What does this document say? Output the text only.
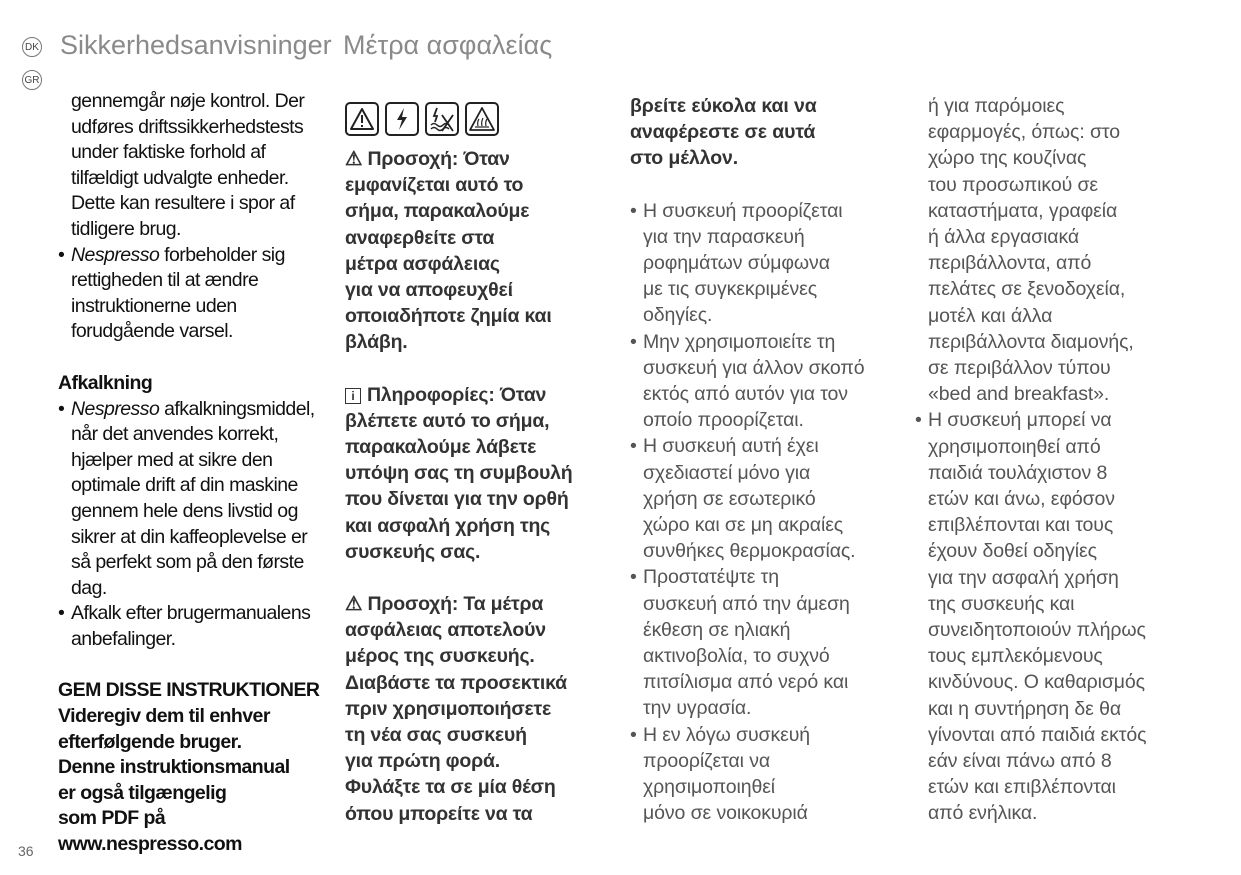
DK
GR
Sikkerhedsanvisninger Μέτρα ασφαλείας

gennemgår nøje kontrol. Der

udføres driftssikkerhedstests

under faktiske forhold af

tilfældigt udvalgte enheder.

Dette kan resultere i spor af

tidligere brug.

• Nespresso forbeholder sig

rettigheden til at ændre

instruktionerne uden

forudgående varsel.

Afkalkning

• Nespresso afkalkningsmiddel,

når det anvendes korrekt,

hjælper med at sikre den

optimale drift af din maskine

gennem hele dens livstid og

sikrer at din kaffeoplevelse er

så perfekt som på den første

dag.

• Afkalk efter brugermanualens

anbefalinger.

GEM DISSE INSTRUKTIONER

Videregiv dem til enhver

efterfølgende bruger.

Denne instruktionsmanual

er også tilgængelig

som PDF på

www.nespresso.com

⚠ Προσοχή: Όταν

εμφανίζεται αυτό το

σήμα, παρακαλούμε

αναφερθείτε στα

μέτρα ασφάλειας

για να αποφευχθεί

οποιαδήποτε ζημία και

βλάβη.

i Πληροφορίες: Όταν

βλέπετε αυτό το σήμα,

παρακαλούμε λάβετε

υπόψη σας τη συμβουλή

που δίνεται για την ορθή

και ασφαλή χρήση της

συσκευής σας.

⚠ Προσοχή: Τα μέτρα

ασφάλειας αποτελούν

μέρος της συσκευής.

Διαβάστε τα προσεκτικά

πριν χρησιμοποιήσετε

τη νέα σας συσκευή

για πρώτη φορά.

Φυλάξτε τα σε μία θέση

όπου μπορείτε να τα

βρείτε εύκολα και να

αναφέρεστε σε αυτά

στο μέλλον.

• Η συσκευή προορίζεται

για την παρασκευή

ροφημάτων σύμφωνα

με τις συγκεκριμένες

οδηγίες.

• Μην χρησιμοποιείτε τη

συσκευή για άλλον σκοπό

εκτός από αυτόν για τον

οποίο προορίζεται.

• Η συσκευή αυτή έχει

σχεδιαστεί μόνο για

χρήση σε εσωτερικό

χώρο και σε μη ακραίες

συνθήκες θερμοκρασίας.

• Προστατέψτε τη

συσκευή από την άμεση

έκθεση σε ηλιακή

ακτινοβολία, το συχνό

πιτσίλισμα από νερό και

την υγρασία.

• Η εν λόγω συσκευή

προορίζεται να

χρησιμοποιηθεί

μόνο σε νοικοκυριά

ή για παρόμοιες

εφαρμογές, όπως: στο

χώρο της κουζίνας

του προσωπικού σε

καταστήματα, γραφεία

ή άλλα εργασιακά

περιβάλλοντα, από

πελάτες σε ξενοδοχεία,

μοτέλ και άλλα

περιβάλλοντα διαμονής,

σε περιβάλλον τύπου

«bed and breakfast».

• Η συσκευή μπορεί να

χρησιμοποιηθεί από

παιδιά τουλάχιστον 8

ετών και άνω, εφόσον

επιβλέπονται και τους

έχουν δοθεί οδηγίες

για την ασφαλή χρήση

της συσκευής και

συνειδητοποιούν πλήρως

τους εμπλεκόμενους

κινδύνους. Ο καθαρισμός

και η συντήρηση δε θα

γίνονται από παιδιά εκτός

εάν είναι πάνω από 8

ετών και επιβλέπονται

από ενήλικα.

36
